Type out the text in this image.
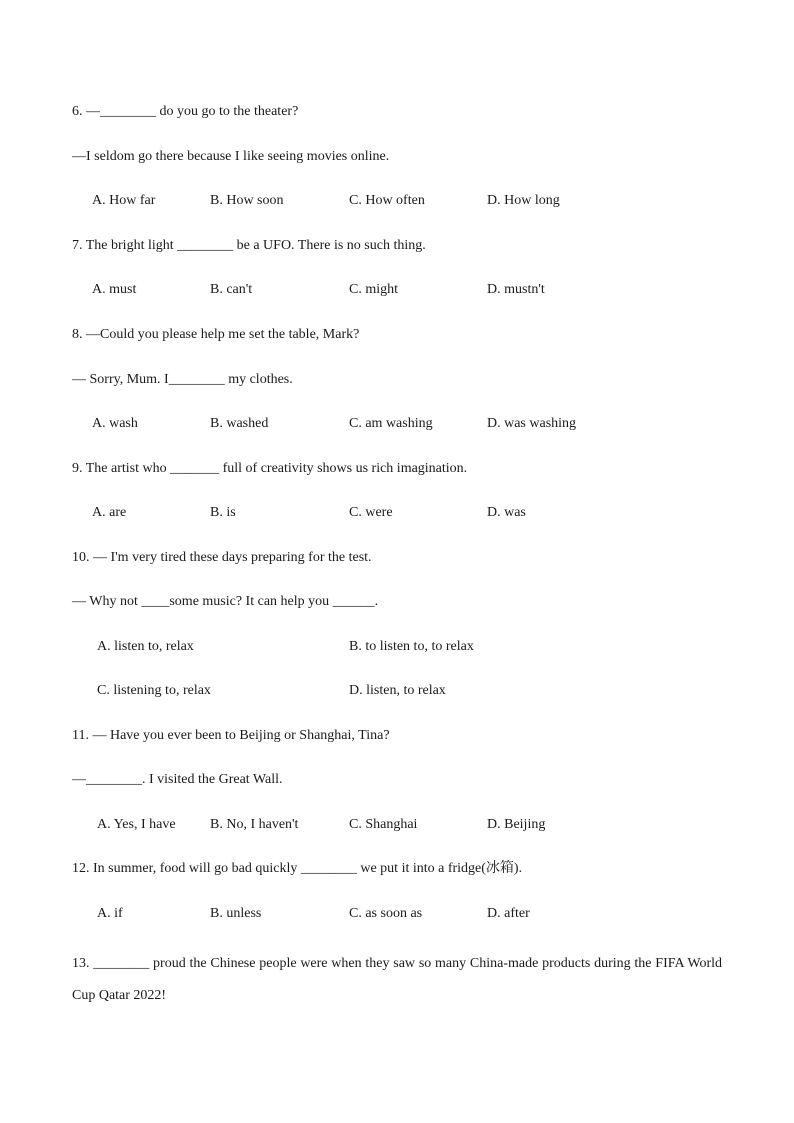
6. —________ do you go to the theater?
—I seldom go there because I like seeing movies online.
A. How far	B. How soon	C. How often	D. How long
7. The bright light ________ be a UFO. There is no such thing.
A. must	B. can't	C. might	D. mustn't
8. —Could you please help me set the table, Mark?
— Sorry, Mum. I________ my clothes.
A. wash	B. washed	C. am washing	D. was washing
9. The artist who _______ full of creativity shows us rich imagination.
A. are	B. is	C. were	D. was
10. — I'm very tired these days preparing for the test.
— Why not ____some music? It can help you ______.
A. listen to, relax	B. to listen to, to relax
C. listening to, relax	D. listen, to relax
11. — Have you ever been to Beijing or Shanghai, Tina?
—________. I visited the Great Wall.
A. Yes, I have B. No, I haven't	C. Shanghai	D. Beijing
12. In summer, food will go bad quickly ________ we put it into a fridge(冰箱).
A. if	B. unless	C. as soon as	D. after
13. ________ proud the Chinese people were when they saw so many China-made products during the FIFA World Cup Qatar 2022!
